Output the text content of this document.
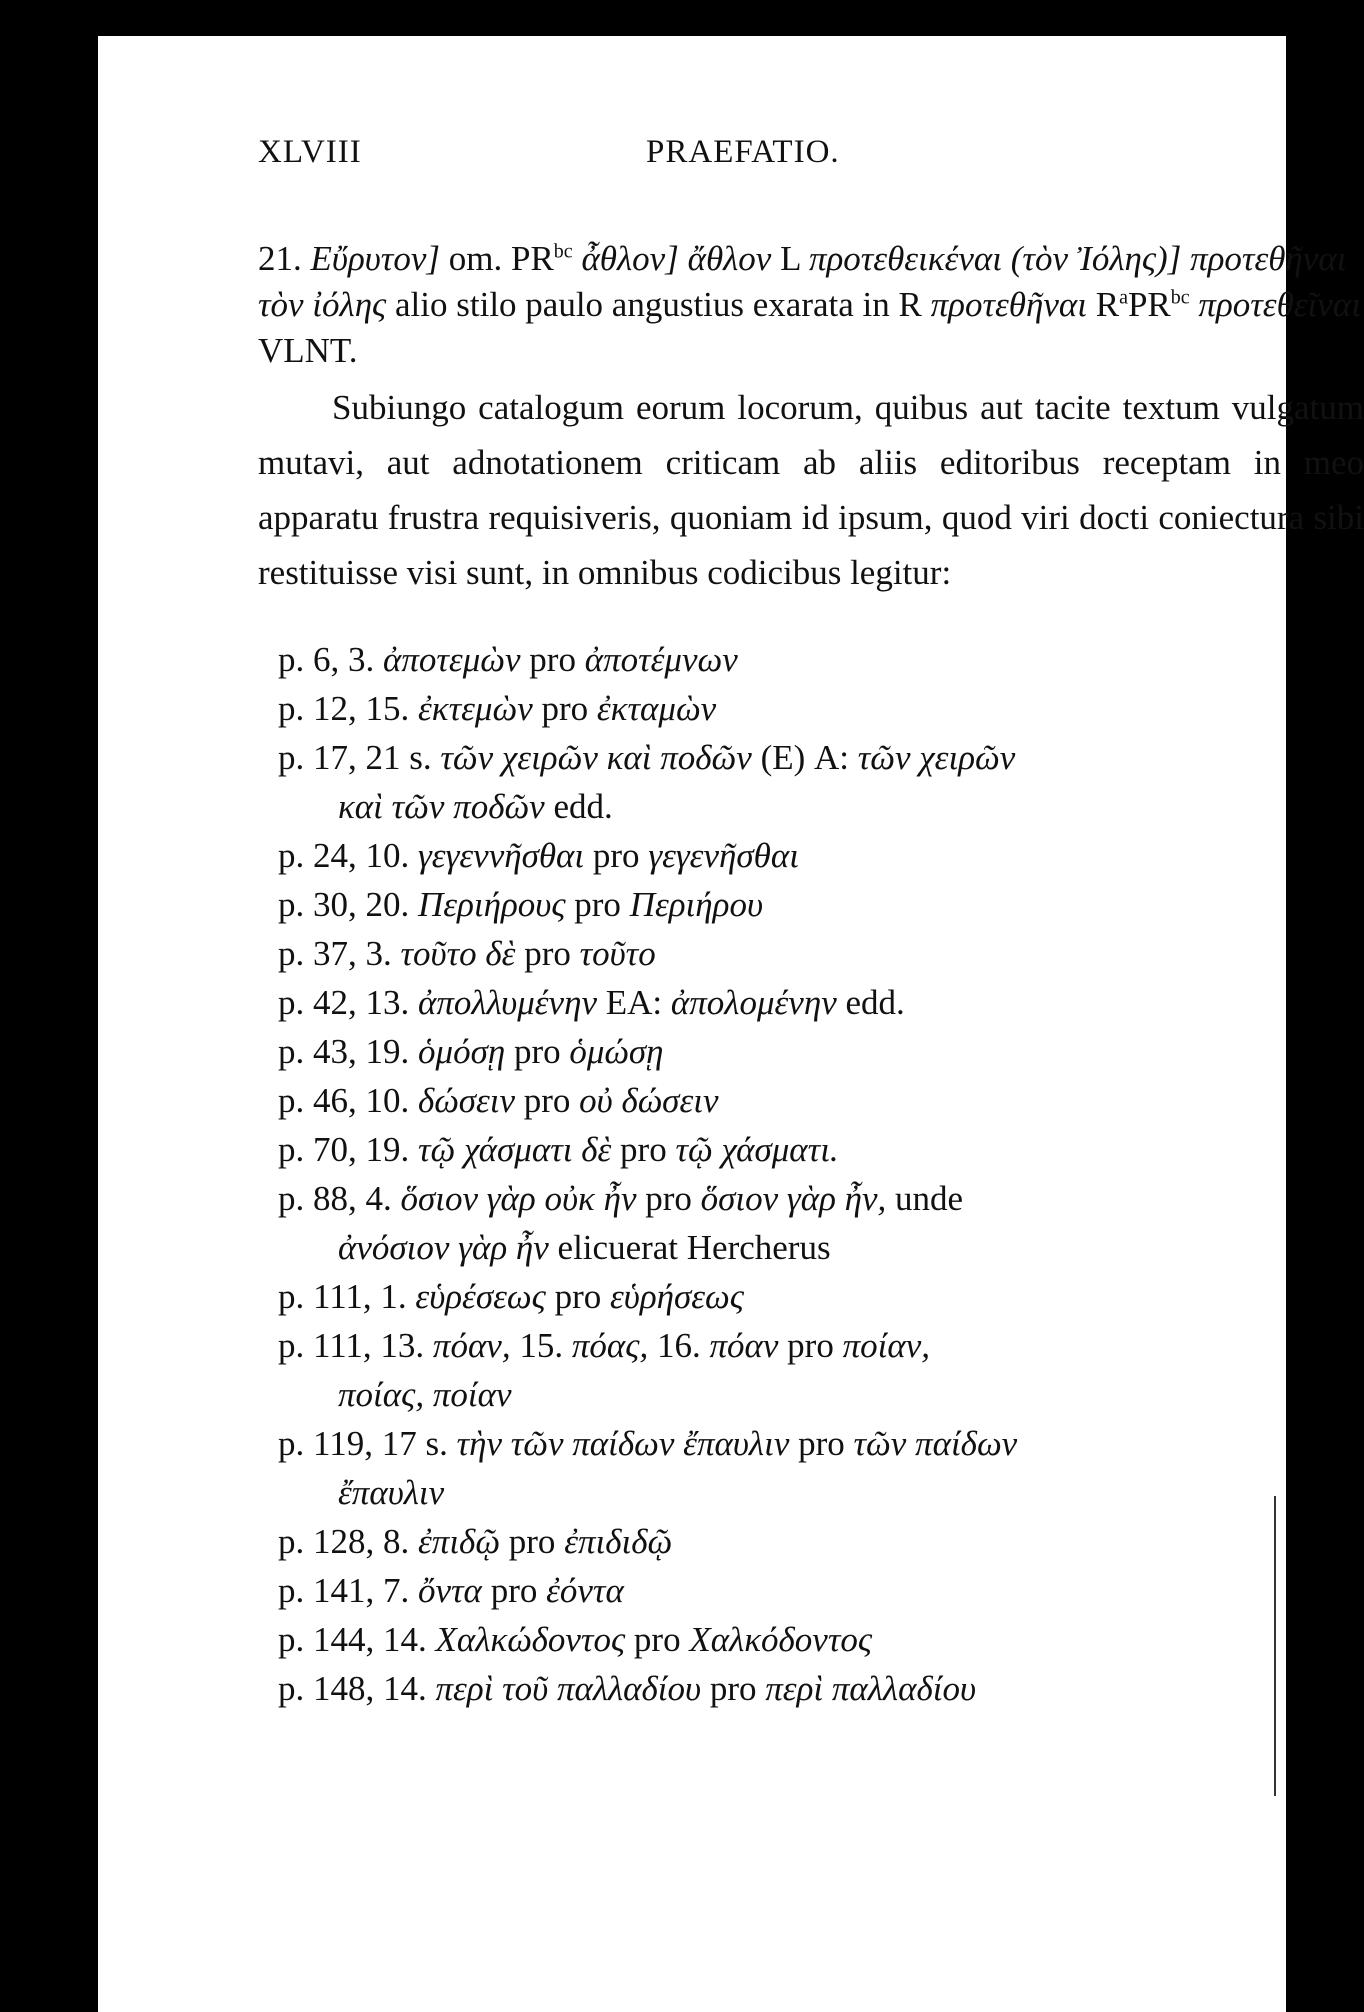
XLVIII	PRAEFATIO.

21. Εὔρυτον] om. $PR^{bc}$ ἆθλον] ἄθλον L προτεθεικέναι (τὸν Ἰόλης)] προτεθῆναι τὸν ἰόλης alio stilo paulo angustius exarata in R προτεθῆναι $R^aPR^{bc}$ προτεθεῖναι VLNT.

Subiungo catalogum eorum locorum, quibus aut tacite textum vulgatum mutavi, aut adnotationem criticam ab aliis editoribus receptam in meo apparatu frustra requisiveris, quoniam id ipsum, quod viri docti coniectura sibi restituisse visi sunt, in omnibus codicibus legitur:

p. 6, 3. ἀποτεμὼν pro ἀποτέμνων
p. 12, 15. ἐκτεμὼν pro ἐκταμὼν
p. 17, 21 s. τῶν χειρῶν καὶ ποδῶν (E) A: τῶν χειρῶν
καὶ τῶν ποδῶν edd.
p. 24, 10. γεγεννῆσθαι pro γεγενῆσθαι
p. 30, 20. Περιήρους pro Περιήρου
p. 37, 3. τοῦτο δὲ pro τοῦτο
p. 42, 13. ἀπολλυμένην EA: ἀπολομένην edd.
p. 43, 19. ὁμόσῃ pro ὁμώσῃ
p. 46, 10. δώσειν pro οὐ δώσειν
p. 70, 19. τῷ χάσματι δὲ pro τῷ χάσματι.
p. 88, 4. ὅσιον γὰρ οὐκ ἦν pro ὅσιον γὰρ ἦν, unde
ἀνόσιον γὰρ ἦν elicuerat Hercherus
p. 111, 1. εὑρέσεως pro εὑρήσεως
p. 111, 13. πόαν, 15. πόας, 16. πόαν pro ποίαν,
ποίας, ποίαν
p. 119, 17 s. τὴν τῶν παίδων ἔπαυλιν pro τῶν παίδων
ἔπαυλιν
p. 128, 8. ἐπιδῷ pro ἐπιδιδῷ
p. 141, 7. ὄντα pro ἐόντα
p. 144, 14. Χαλκώδοντος pro Χαλκόδοντος
p. 148, 14. περὶ τοῦ παλλαδίου pro περὶ παλλαδίου
